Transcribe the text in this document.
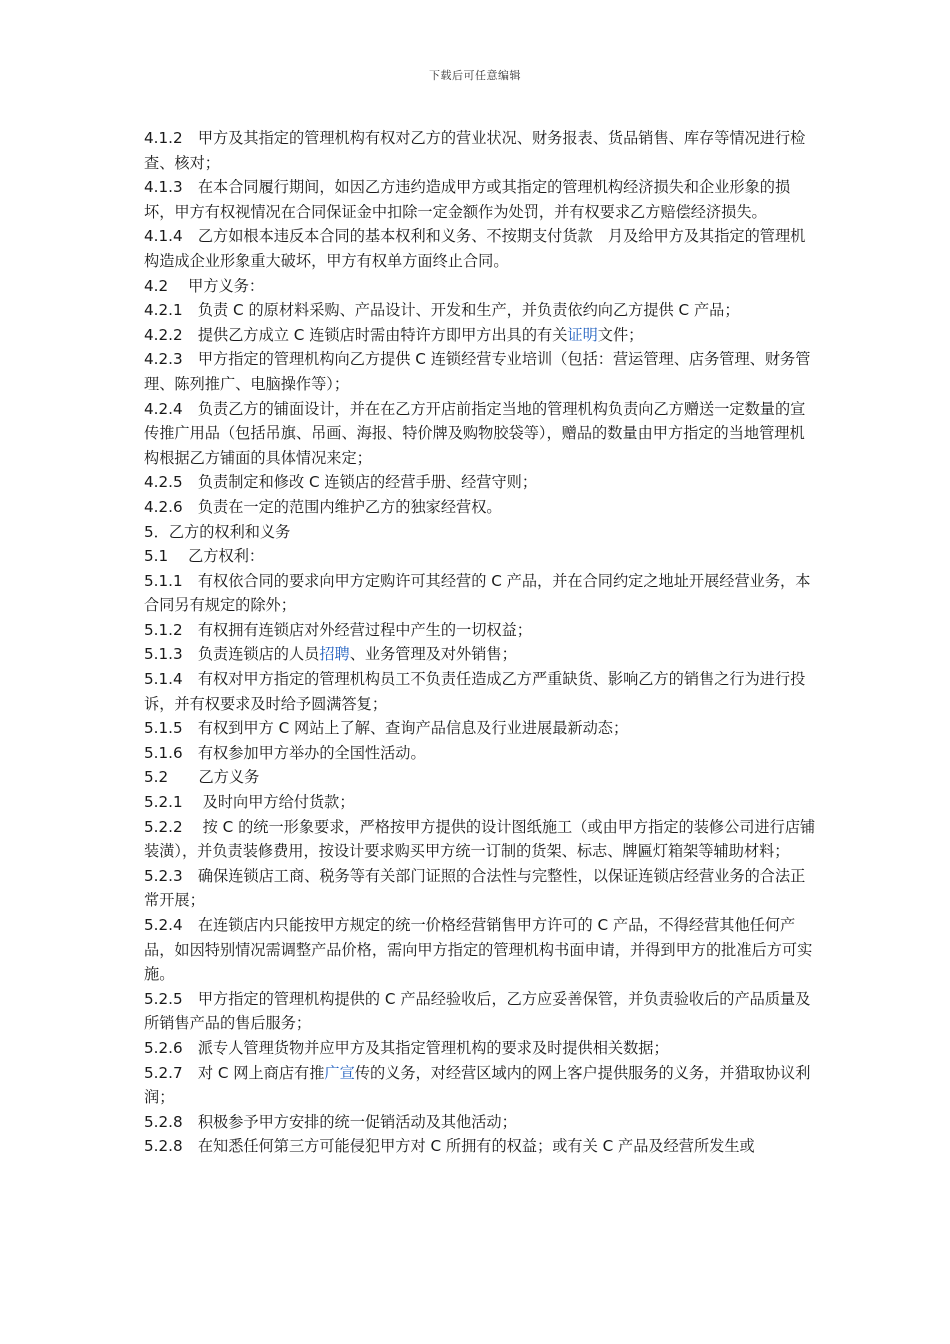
下载后可任意编辑

4.1.2　甲方及其指定的管理机构有权对乙方的营业状况、财务报表、货品销售、库存等情况进行检查、核对；

4.1.3　在本合同履行期间，如因乙方违约造成甲方或其指定的管理机构经济损失和企业形象的损坏，甲方有权视情况在合同保证金中扣除一定金额作为处罚，并有权要求乙方赔偿经济损失。

4.1.4　乙方如根本违反本合同的基本权利和义务、不按期支付货款　月及给甲方及其指定的管理机构造成企业形象重大破坏，甲方有权单方面终止合同。

4.2　 甲方义务：

4.2.1　负责 C 的原材料采购、产品设计、开发和生产，并负责依约向乙方提供 C 产品；

4.2.2　提供乙方成立 C 连锁店时需由特许方即甲方出具的有关证明文件；

4.2.3　甲方指定的管理机构向乙方提供 C 连锁经营专业培训（包括：营运管理、店务管理、财务管理、陈列推广、电脑操作等）；

4.2.4　负责乙方的铺面设计，并在在乙方开店前指定当地的管理机构负责向乙方赠送一定数量的宣传推广用品（包括吊旗、吊画、海报、特价牌及购物胶袋等），赠品的数量由甲方指定的当地管理机构根据乙方铺面的具体情况来定；

4.2.5　负责制定和修改 C 连锁店的经营手册、经营守则；

4.2.6　负责在一定的范围内维护乙方的独家经营权。

5．乙方的权利和义务

5.1　 乙方权利：

5.1.1　有权依合同的要求向甲方定购许可其经营的 C 产品，并在合同约定之地址开展经营业务，本合同另有规定的除外；

5.1.2　有权拥有连锁店对外经营过程中产生的一切权益；

5.1.3　负责连锁店的人员招聘、业务管理及对外销售；

5.1.4　有权对甲方指定的管理机构员工不负责任造成乙方严重缺货、影响乙方的销售之行为进行投诉，并有权要求及时给予圆满答复；

5.1.5　有权到甲方 C 网站上了解、查询产品信息及行业进展最新动态；

5.1.6　有权参加甲方举办的全国性活动。

5.2　　乙方义务

5.2.1　 及时向甲方给付货款；

5.2.2　 按 C 的统一形象要求，严格按甲方提供的设计图纸施工（或由甲方指定的装修公司进行店铺装潢），并负责装修费用，按设计要求购买甲方统一订制的货架、标志、牌匾灯箱架等辅助材料；

5.2.3　确保连锁店工商、税务等有关部门证照的合法性与完整性，以保证连锁店经营业务的合法正常开展；

5.2.4　在连锁店内只能按甲方规定的统一价格经营销售甲方许可的 C 产品，不得经营其他任何产品，如因特别情况需调整产品价格，需向甲方指定的管理机构书面申请，并得到甲方的批准后方可实施。

5.2.5　甲方指定的管理机构提供的 C 产品经验收后，乙方应妥善保管，并负责验收后的产品质量及所销售产品的售后服务；

5.2.6　派专人管理货物并应甲方及其指定管理机构的要求及时提供相关数据；

5.2.7　对 C 网上商店有推广宣传的义务，对经营区域内的网上客户提供服务的义务，并猎取协议利润；

5.2.8　积极参予甲方安排的统一促销活动及其他活动；

5.2.8　在知悉任何第三方可能侵犯甲方对 C 所拥有的权益；或有关 C 产品及经营所发生或
